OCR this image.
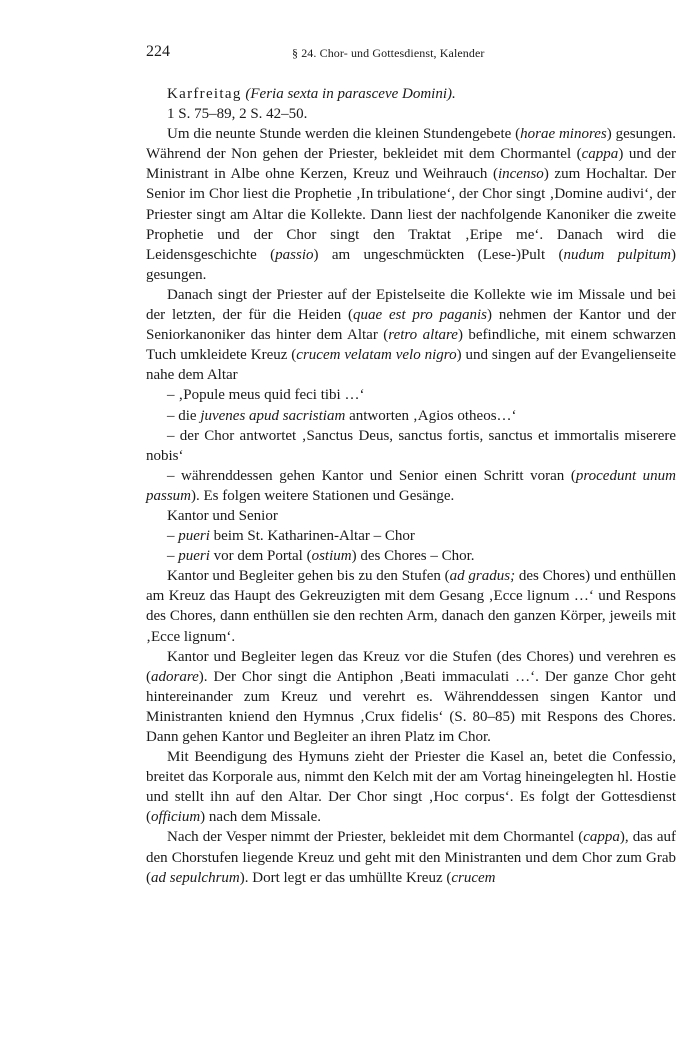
224	§ 24. Chor- und Gottesdienst, Kalender

Karfreitag (Feria sexta in parasceve Domini).

1 S. 75–89, 2 S. 42–50.

Um die neunte Stunde werden die kleinen Stundengebete (horae minores) gesungen. Während der Non gehen der Priester, bekleidet mit dem Chormantel (cappa) und der Ministrant in Albe ohne Kerzen, Kreuz und Weihrauch (incenso) zum Hochaltar. Der Senior im Chor liest die Prophetie ‚In tribulatione‘, der Chor singt ‚Domine audivi‘, der Priester singt am Altar die Kollekte. Dann liest der nachfolgende Kanoniker die zweite Prophetie und der Chor singt den Traktat ‚Eripe me‘. Danach wird die Leidensgeschichte (passio) am ungeschmückten (Lese-)Pult (nudum pulpitum) gesungen.

Danach singt der Priester auf der Epistelseite die Kollekte wie im Missale und bei der letzten, der für die Heiden (quae est pro paganis) nehmen der Kantor und der Seniorkanoniker das hinter dem Altar (retro altare) befindliche, mit einem schwarzen Tuch umkleidete Kreuz (crucem velatam velo nigro) und singen auf der Evangelienseite nahe dem Altar

– ‚Popule meus quid feci tibi …‘

– die juvenes apud sacristiam antworten ‚Agios otheos…‘

– der Chor antwortet ‚Sanctus Deus, sanctus fortis, sanctus et immortalis miserere nobis‘

– währenddessen gehen Kantor und Senior einen Schritt voran (procedunt unum passum). Es folgen weitere Stationen und Gesänge.

Kantor und Senior

– pueri beim St. Katharinen-Altar – Chor

– pueri vor dem Portal (ostium) des Chores – Chor.

Kantor und Begleiter gehen bis zu den Stufen (ad gradus; des Chores) und enthüllen am Kreuz das Haupt des Gekreuzigten mit dem Gesang ‚Ecce lignum …‘ und Respons des Chores, dann enthüllen sie den rechten Arm, danach den ganzen Körper, jeweils mit ‚Ecce lignum‘.

Kantor und Begleiter legen das Kreuz vor die Stufen (des Chores) und verehren es (adorare). Der Chor singt die Antiphon ‚Beati immaculati …‘. Der ganze Chor geht hintereinander zum Kreuz und verehrt es. Währenddessen singen Kantor und Ministranten kniend den Hymnus ‚Crux fidelis‘ (S. 80–85) mit Respons des Chores. Dann gehen Kantor und Begleiter an ihren Platz im Chor.

Mit Beendigung des Hymuns zieht der Priester die Kasel an, betet die Confessio, breitet das Korporale aus, nimmt den Kelch mit der am Vortag hineingelegten hl. Hostie und stellt ihn auf den Altar. Der Chor singt ‚Hoc corpus‘. Es folgt der Gottesdienst (officium) nach dem Missale.

Nach der Vesper nimmt der Priester, bekleidet mit dem Chormantel (cappa), das auf den Chorstufen liegende Kreuz und geht mit den Ministranten und dem Chor zum Grab (ad sepulchrum). Dort legt er das umhüllte Kreuz (crucem
